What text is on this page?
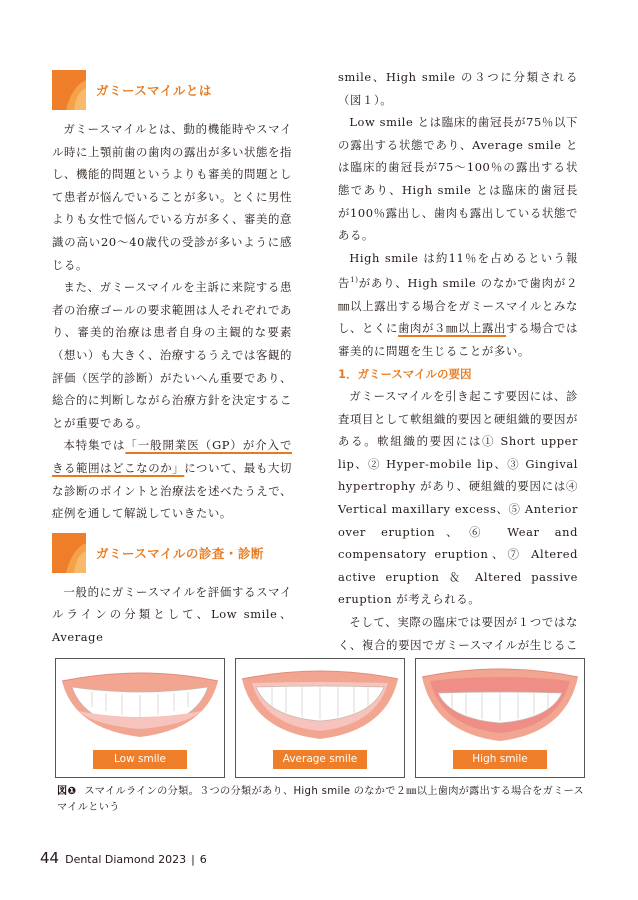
ガミースマイルとは

ガミースマイルとは、動的機能時やスマイル時に上顎前歯の歯肉の露出が多い状態を指し、機能的問題というよりも審美的問題として患者が悩んでいることが多い。とくに男性よりも女性で悩んでいる方が多く、審美的意識の高い20〜40歳代の受診が多いように感じる。

また、ガミースマイルを主訴に来院する患者の治療ゴールの要求範囲は人それぞれであり、審美的治療は患者自身の主観的な要素（想い）も大きく、治療するうえでは客観的評価（医学的診断）がたいへん重要であり、総合的に判断しながら治療方針を決定することが重要である。

本特集では「一般開業医（GP）が介入できる範囲はどこなのか」について、最も大切な診断のポイントと治療法を述べたうえで、症例を通して解説していきたい。

ガミースマイルの診査・診断

一般的にガミースマイルを評価するスマイルラインの分類として、Low smile、Average

smile、High smile の３つに分類される（図１）。

Low smile とは臨床的歯冠長が75％以下の露出する状態であり、Average smile とは臨床的歯冠長が75〜100％の露出する状態であり、High smile とは臨床的歯冠長が100％露出し、歯肉も露出している状態である。

High smile は約11％を占めるという報告$^{1)}$があり、High smile のなかで歯肉が２㎜以上露出する場合をガミースマイルとみなし、とくに歯肉が３㎜以上露出する場合では審美的に問題を生じることが多い。

1．ガミースマイルの要因

ガミースマイルを引き起こす要因には、診査項目として軟組織的要因と硬組織的要因がある。軟組織的要因には① Short upper lip、② Hyper-mobile lip、③ Gingival hypertrophy があり、硬組織的要因には④ Vertical maxillary excess、⑤ Anterior over eruption、⑥ Wear and compensatory eruption、⑦ Altered active eruption ＆ Altered passive eruption が考えられる。

そして、実際の臨床では要因が１つではなく、複合的要因でガミースマイルが生じるこ

Low smile	Average smile	High smile
図❶ スマイルラインの分類。３つの分類があり、High smile のなかで２㎜以上歯肉が露出する場合をガミースマイルという
44 Dental Diamond 2023 | 6
